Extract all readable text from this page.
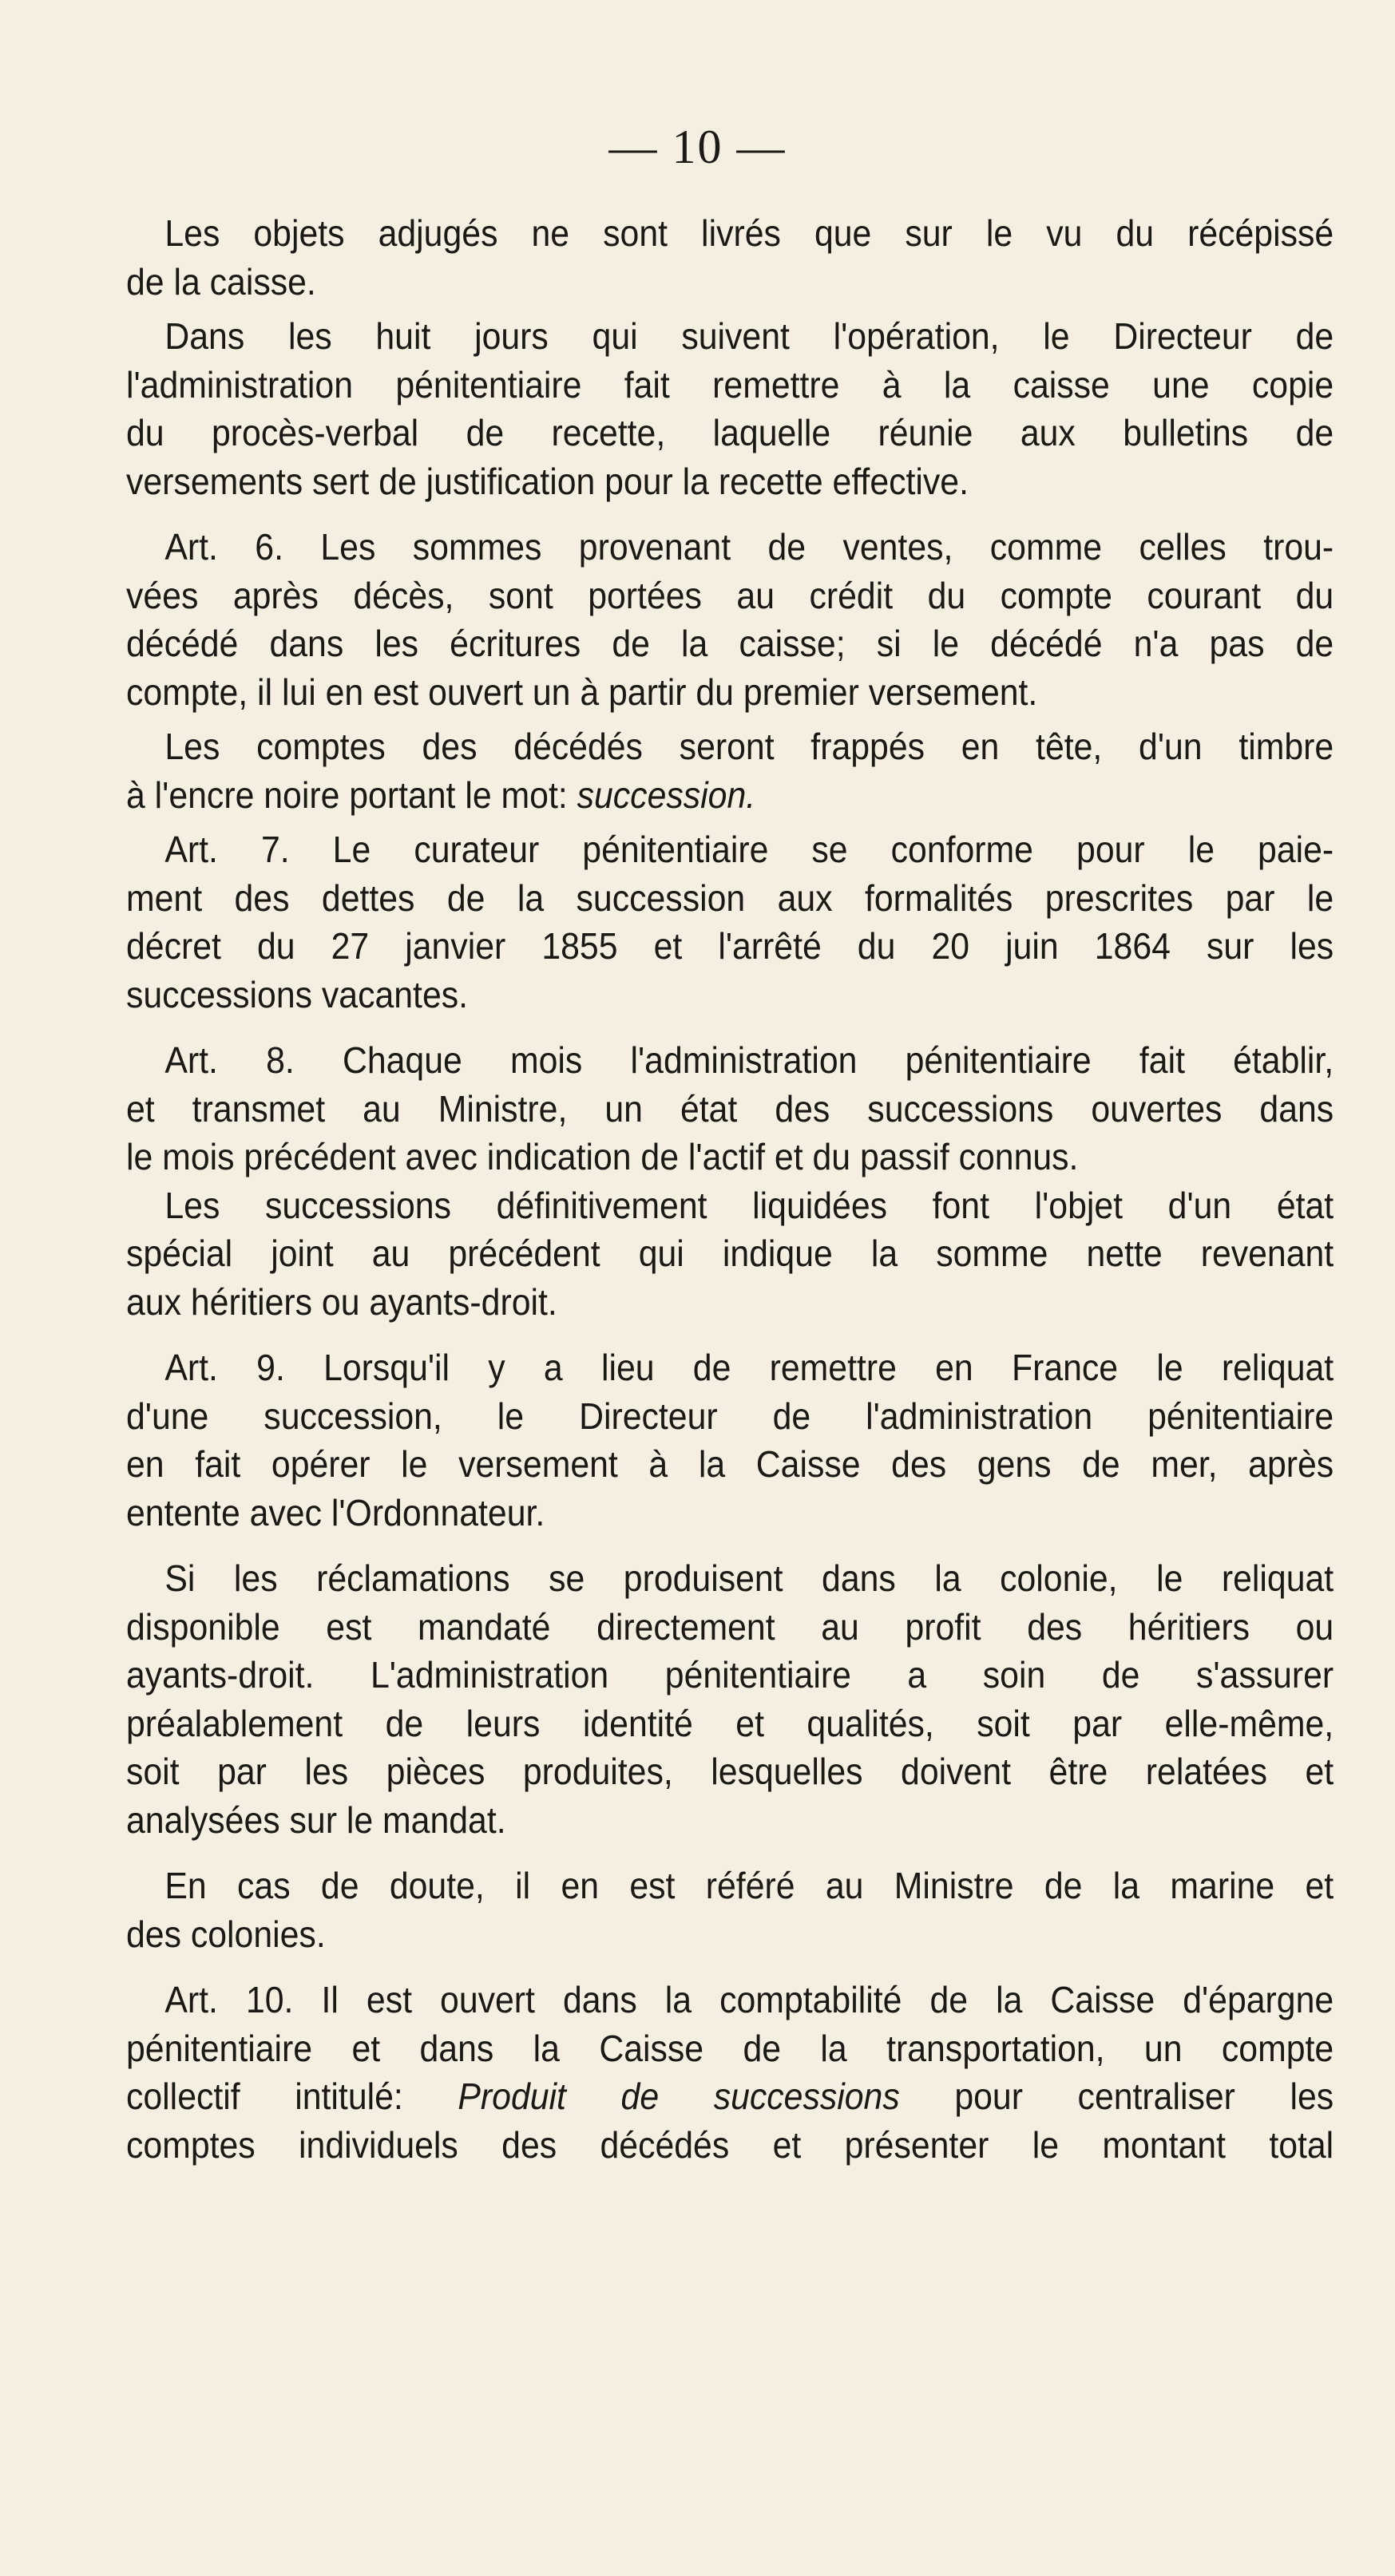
— 10 —
Les objets adjugés ne sont livrés que sur le vu du récépissé
de la caisse.
Dans les huit jours qui suivent l'opération, le Directeur de
l'administration pénitentiaire fait remettre à la caisse une copie
du procès-verbal de recette, laquelle réunie aux bulletins de
versements sert de justification pour la recette effective.
Art. 6. Les sommes provenant de ventes, comme celles trou-
vées après décès, sont portées au crédit du compte courant du
décédé dans les écritures de la caisse; si le décédé n'a pas de
compte, il lui en est ouvert un à partir du premier versement.
Les comptes des décédés seront frappés en tête, d'un timbre
à l'encre noire portant le mot: succession.
Art. 7. Le curateur pénitentiaire se conforme pour le paie-
ment des dettes de la succession aux formalités prescrites par le
décret du 27 janvier 1855 et l'arrêté du 20 juin 1864 sur les
successions vacantes.
Art. 8. Chaque mois l'administration pénitentiaire fait établir,
et transmet au Ministre, un état des successions ouvertes dans
le mois précédent avec indication de l'actif et du passif connus.
Les successions définitivement liquidées font l'objet d'un état
spécial joint au précédent qui indique la somme nette revenant
aux héritiers ou ayants-droit.
Art. 9. Lorsqu'il y a lieu de remettre en France le reliquat
d'une succession, le Directeur de l'administration pénitentiaire
en fait opérer le versement à la Caisse des gens de mer, après
entente avec l'Ordonnateur.
Si les réclamations se produisent dans la colonie, le reliquat
disponible est mandaté directement au profit des héritiers ou
ayants-droit. L'administration pénitentiaire a soin de s'assurer
préalablement de leurs identité et qualités, soit par elle-même,
soit par les pièces produites, lesquelles doivent être relatées et
analysées sur le mandat.
En cas de doute, il en est référé au Ministre de la marine et
des colonies.
Art. 10. Il est ouvert dans la comptabilité de la Caisse d'épargne
pénitentiaire et dans la Caisse de la transportation, un compte
collectif intitulé: Produit de successions pour centraliser les
comptes individuels des décédés et présenter le montant total
